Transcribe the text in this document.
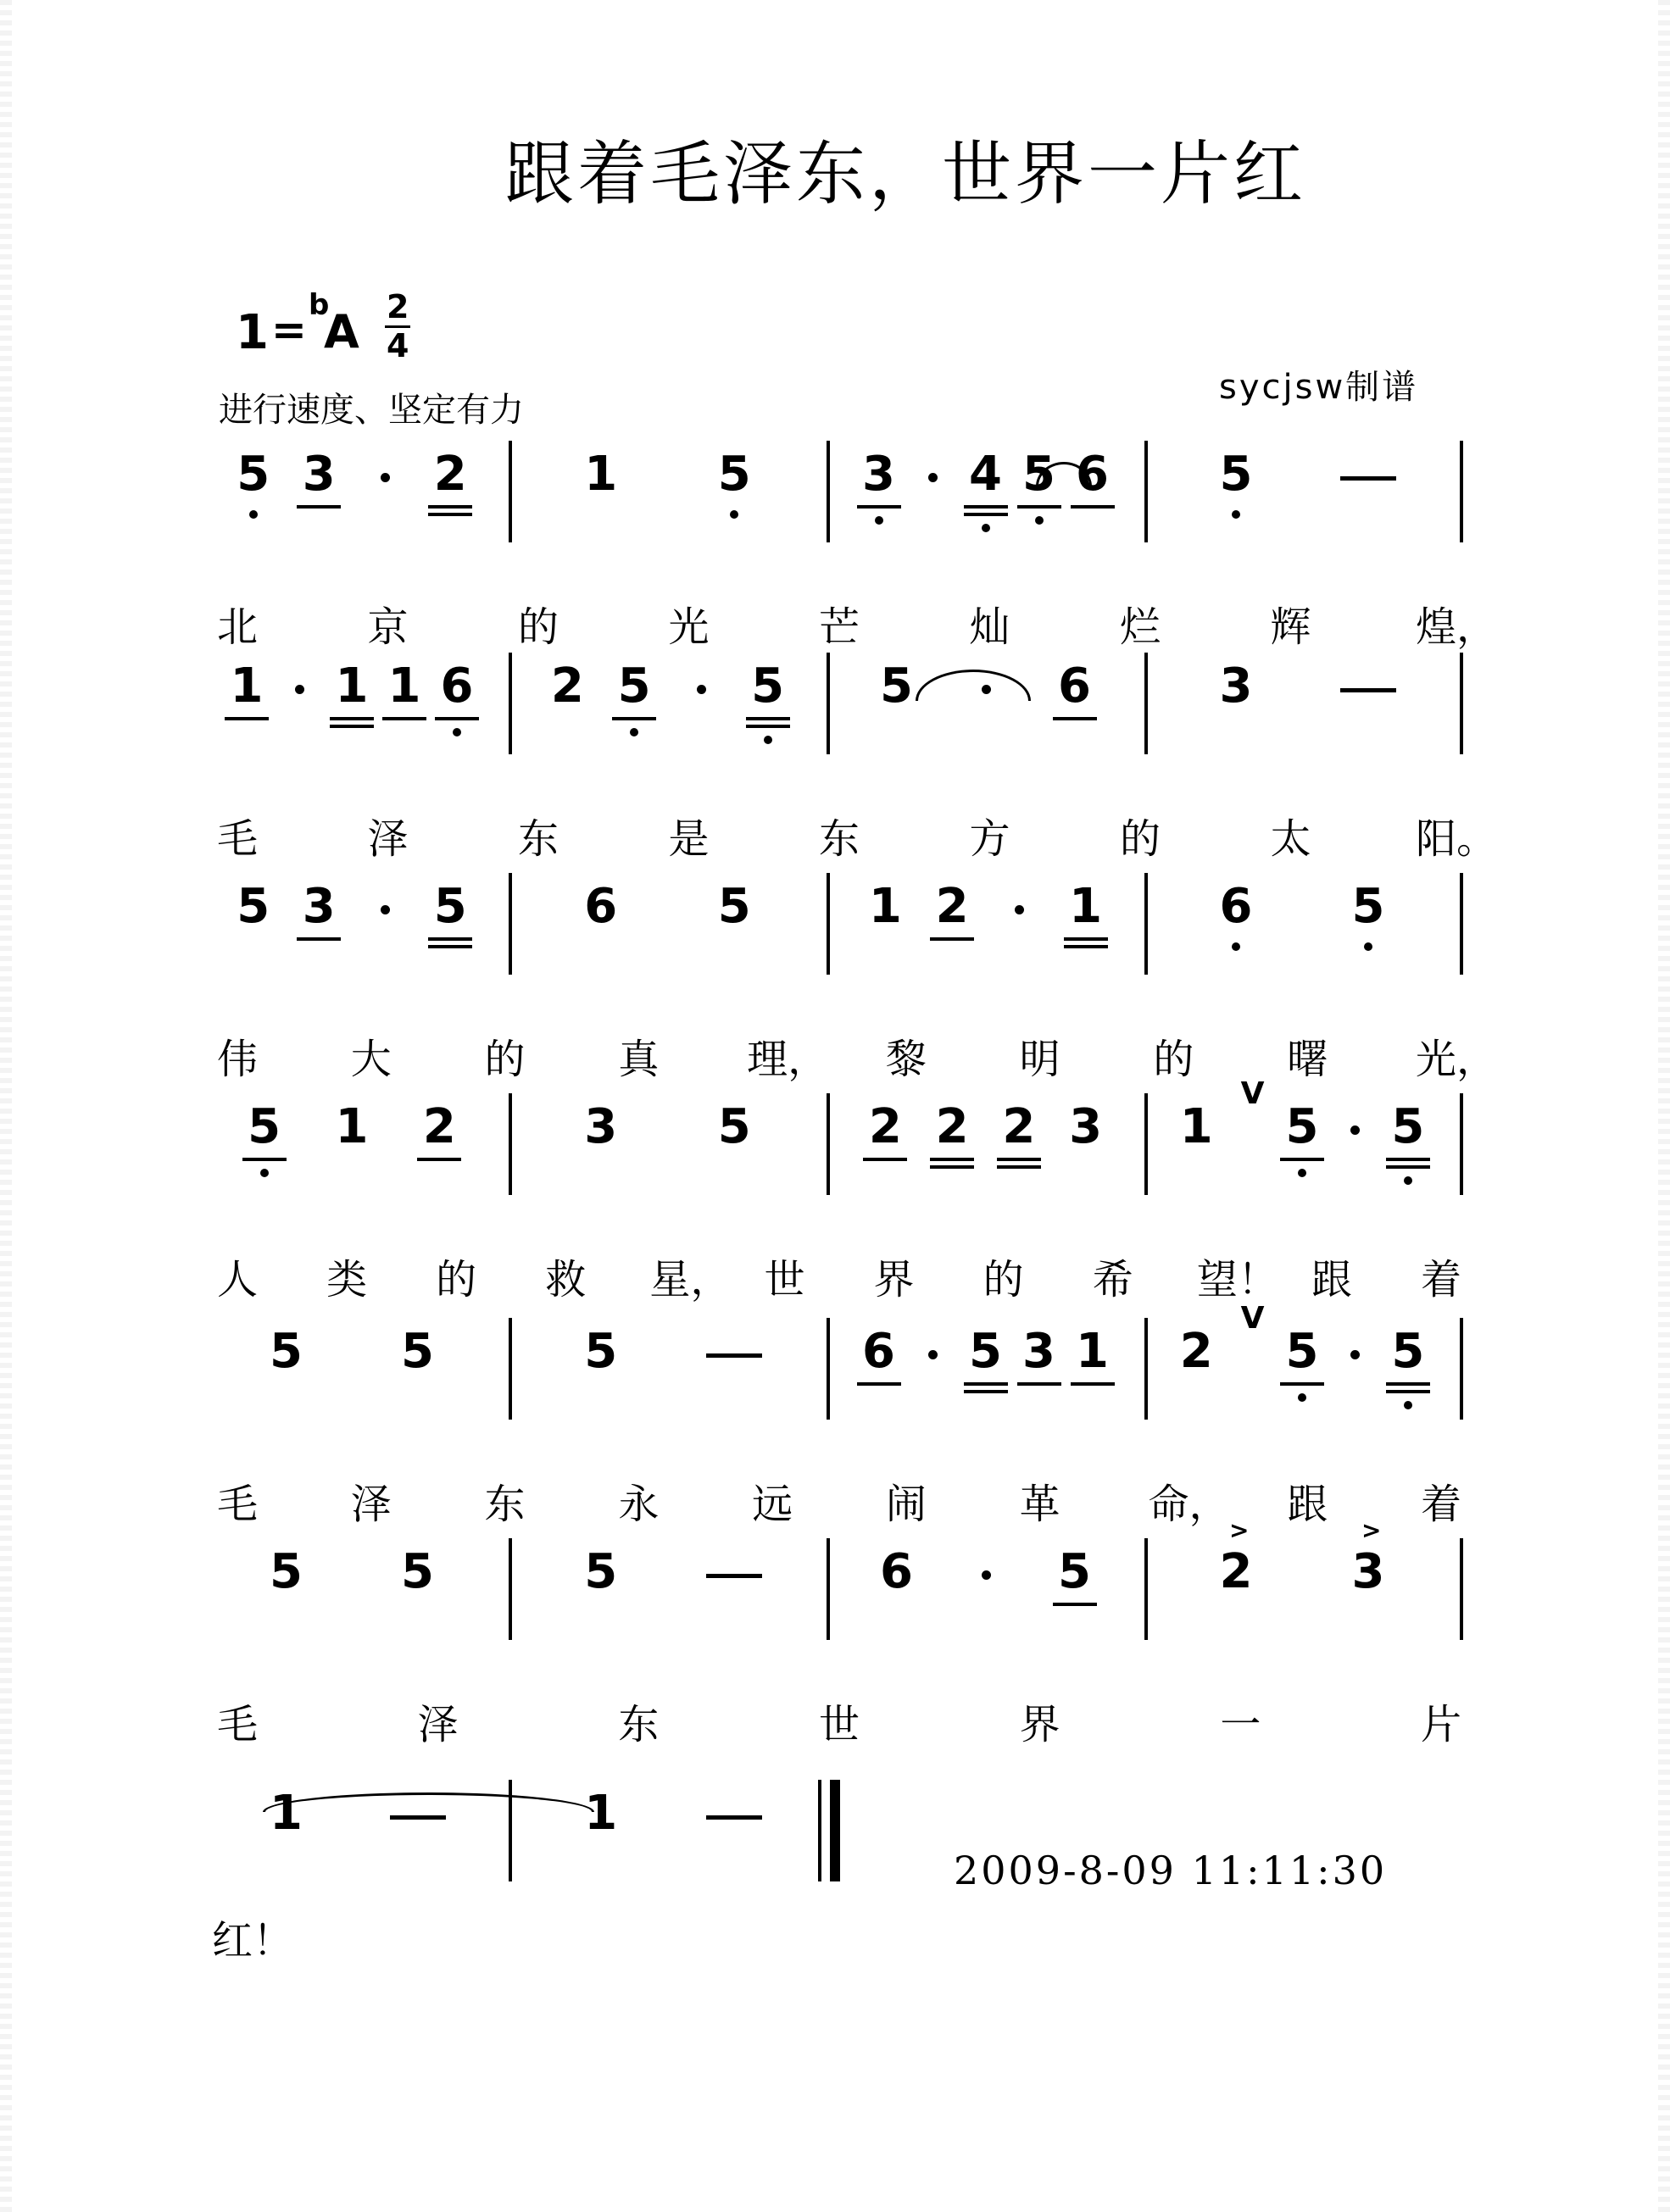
跟着毛泽东，世界一片红
1 = b
A 2
4
进行速度、坚定有力
sycjsw制谱
5 3 2 1 5 3 4 5 6 5
北	京	的	光	芒	灿	烂	辉	煌，
1 1 1 6 2 5 5 5	6	3
毛	泽	东	是	东	方	的	太	阳。
5 3 5 6 5 1 2 1 6 5
伟 大 的 真 理， 黎 明 的 曙 光，
5 1 2	3 5 2 2 2 3 1
V
5 5
人 类 的 救 星， 世 界 的 希 望！ 跟 着
5 5	5	6 5 3 1 2
V
5 5
毛 泽 东 永 远 闹 革 命， 跟 着
5 5	5	6	5	2
>
3
>
毛	泽	东	世	界	一	片
1	1
红！
2009-8-09 11:11:30
